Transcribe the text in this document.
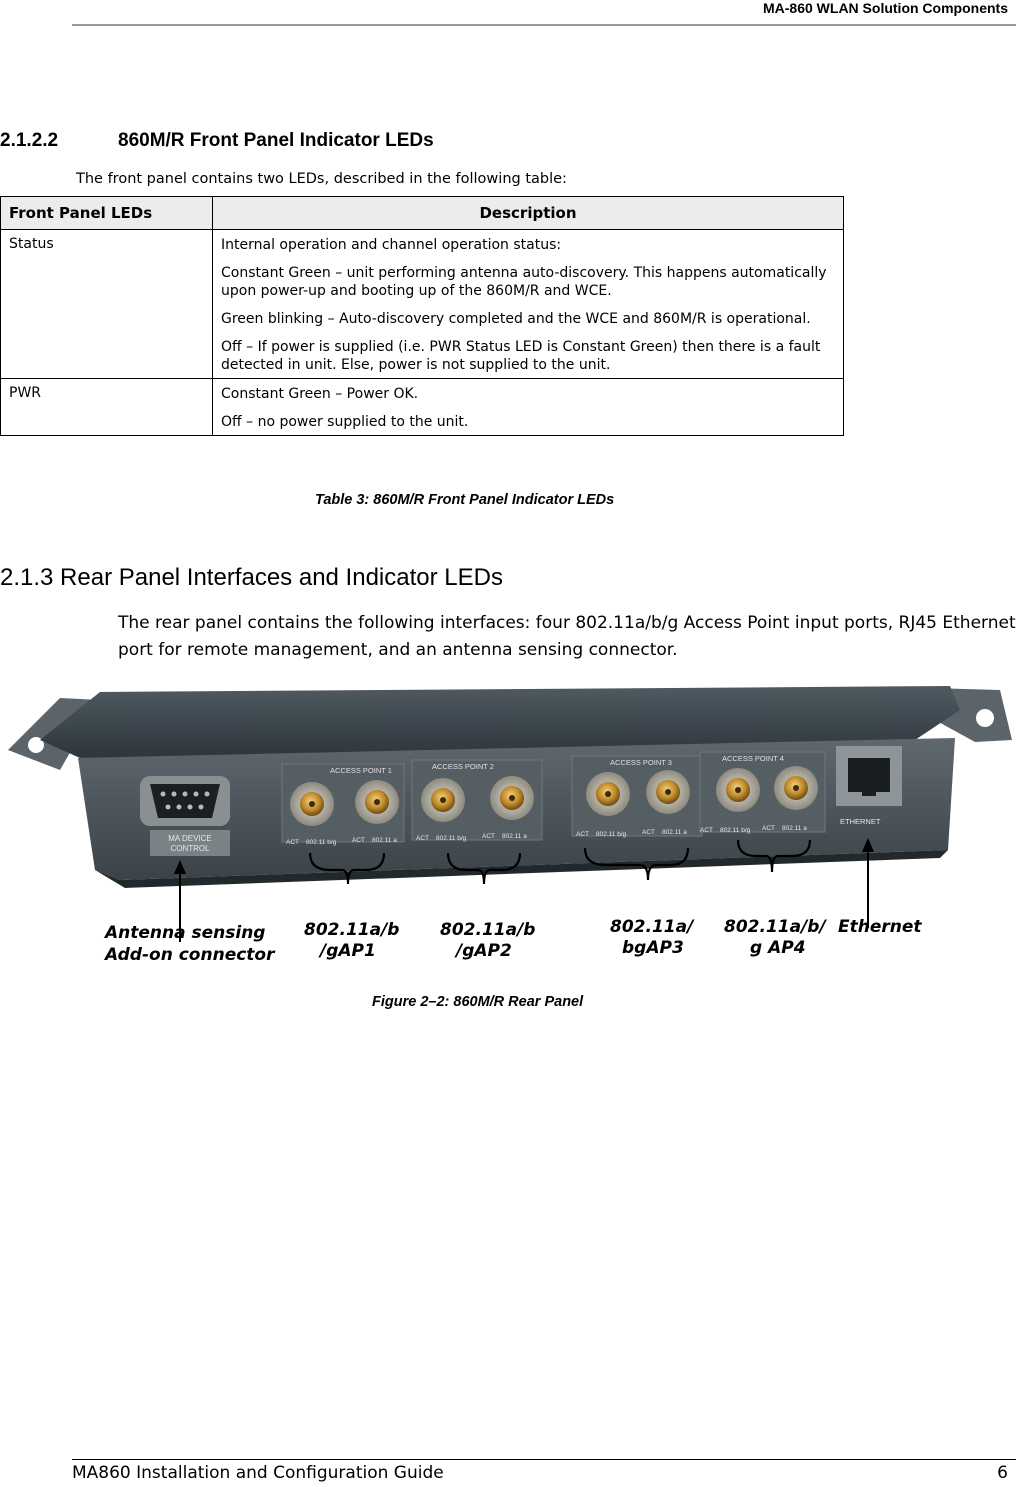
MA-860 WLAN Solution Components
2.1.2.2	860M/R Front Panel Indicator LEDs
The front panel contains two LEDs, described in the following table:
Front Panel LEDs	Description
Status	Internal operation and channel operation status:

Constant Green – unit performing antenna auto-discovery. This happens automatically upon power-up and booting up of the 860M/R and WCE.

Green blinking – Auto-discovery completed and the WCE and 860M/R is operational.

Off – If power is supplied (i.e. PWR Status LED is Constant Green) then there is a fault detected in unit. Else, power is not supplied to the unit.

PWR	Constant Green – Power OK.

Off – no power supplied to the unit.

Table 3: 860M/R Front Panel Indicator LEDs
2.1.3 Rear Panel Interfaces and Indicator LEDs
The rear panel contains the following interfaces: four 802.11a/b/g Access Point input ports, RJ45 Ethernet port for remote management, and an antenna sensing connector.
MA DEVICE
CONTROL
ACCESS POINT 1	ACCESS POINT 2	ACCESS POINT 3	ACCESS POINT 4
ACT 802.11 b/g ACT 802.11 a	ACT 802.11 b/g ACT 802.11 a	ACT 802.11 b/g ACT 802.11 a ACT 802.11 b/g ACT 802.11 a
ETHERNET
Antenna sensing
Add-on connector
802.11a/b
/gAP1
802.11a/b
/gAP2
802.11a/
bgAP3
802.11a/b/
g AP4
Ethernet
Figure 2–2: 860M/R Rear Panel
MA860 Installation and Configuration Guide	6
